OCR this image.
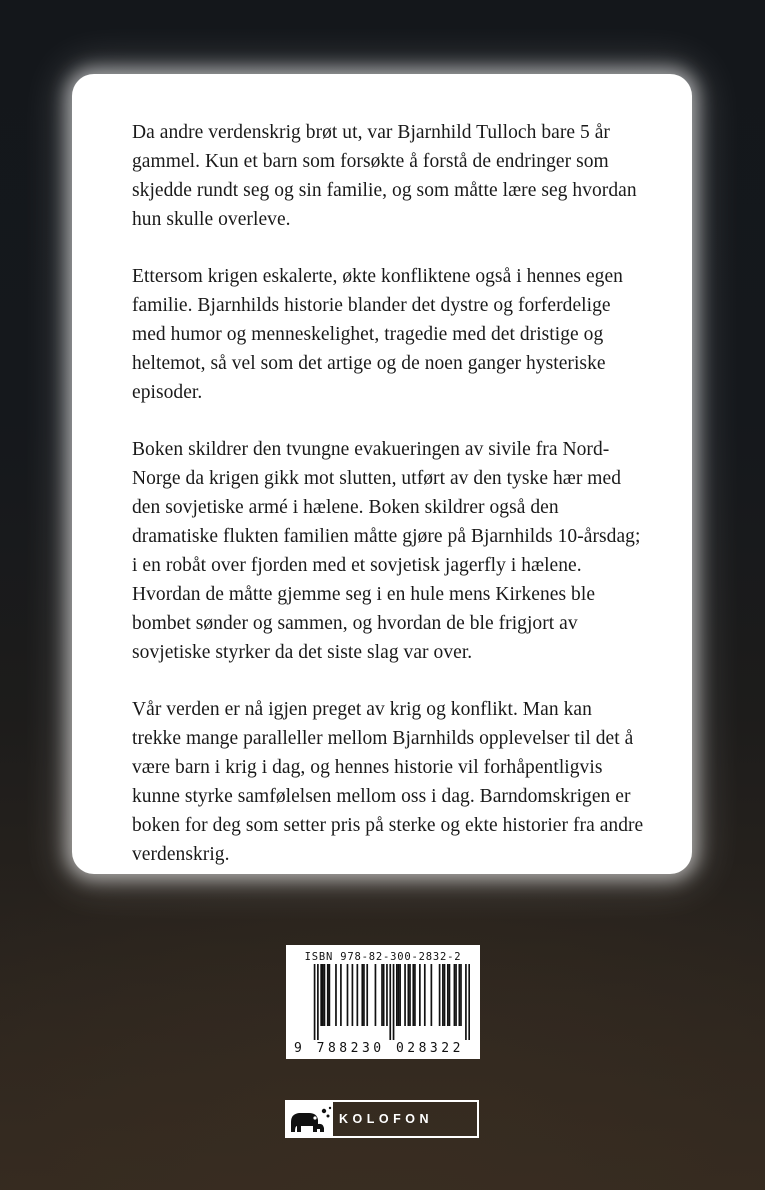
Da andre verdenskrig brøt ut, var Bjarnhild Tulloch bare 5 år gammel. Kun et barn som forsøkte å forstå de endringer som skjedde rundt seg og sin familie, og som måtte lære seg hvordan hun skulle overleve.

Ettersom krigen eskalerte, økte konfliktene også i hennes egen familie. Bjarnhilds historie blander det dystre og forferdelige med humor og menneskelighet, tragedie med det dristige og heltemot, så vel som det artige og de noen ganger hysteriske episoder.

Boken skildrer den tvungne evakueringen av sivile fra Nord-Norge da krigen gikk mot slutten, utført av den tyske hær med den sovjetiske armé i hælene. Boken skildrer også den dramatiske flukten familien måtte gjøre på Bjarnhilds 10-årsdag; i en robåt over fjorden med et sovjetisk jagerfly i hælene. Hvordan de måtte gjemme seg i en hule mens Kirkenes ble bombet sønder og sammen, og hvordan de ble frigjort av sovjetiske styrker da det siste slag var over.

Vår verden er nå igjen preget av krig og konflikt. Man kan trekke mange paralleller mellom Bjarnhilds opplevelser til det å være barn i krig i dag, og hennes historie vil forhåpentligvis kunne styrke samfølelsen mellom oss i dag. Barndomskrigen er boken for deg som setter pris på sterke og ekte historier fra andre verdenskrig.

ISBN 978-82-300-2832-2
9 788230 028322
KOLOFON
